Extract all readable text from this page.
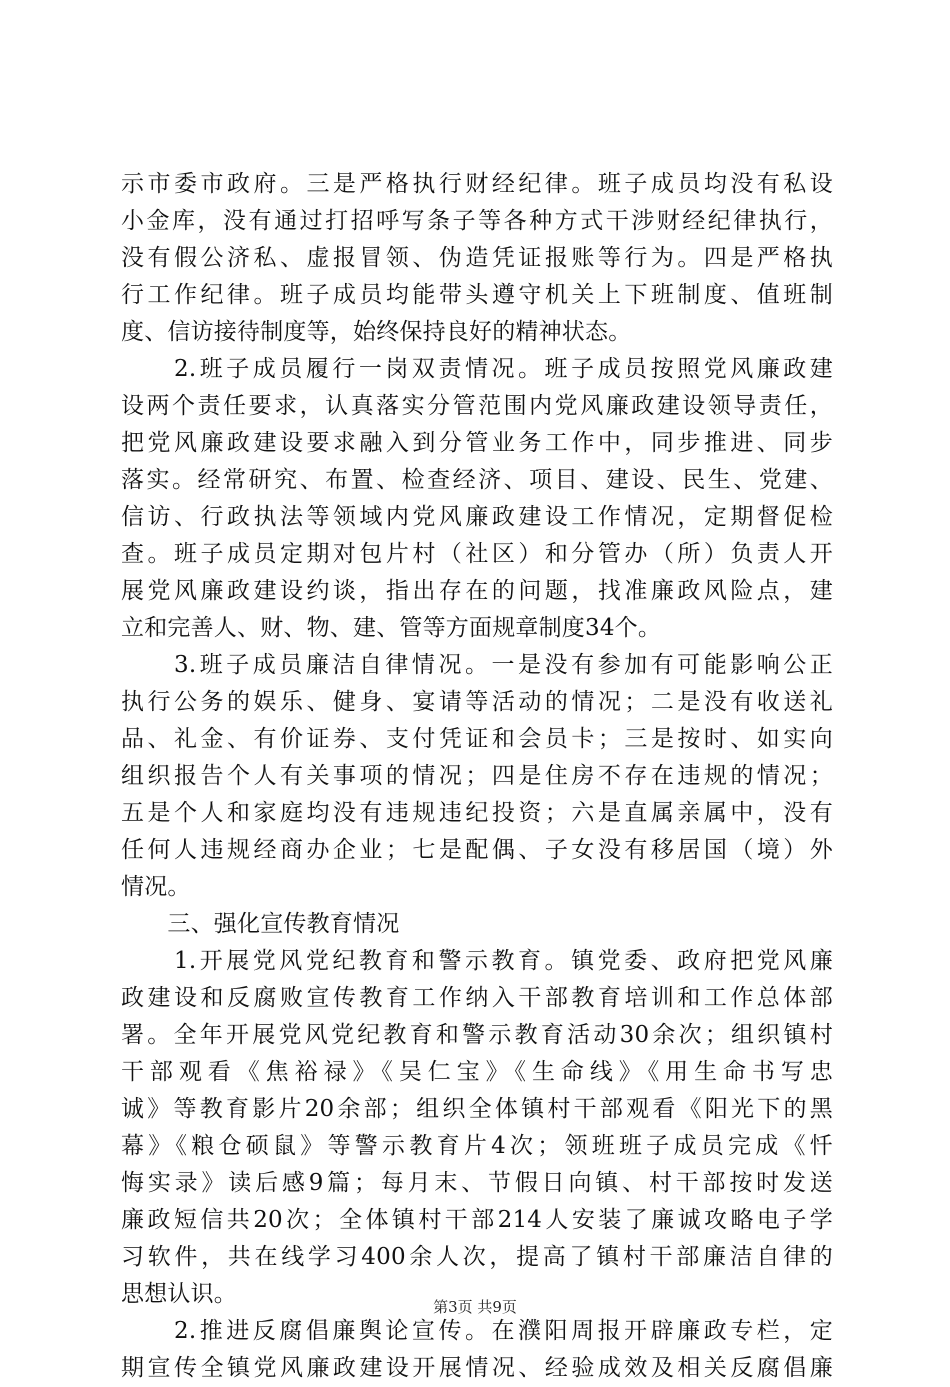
示市委市政府。三是严格执行财经纪律。班子成员均没有私设
小金库，没有通过打招呼写条子等各种方式干涉财经纪律执行，
没有假公济私、虚报冒领、伪造凭证报账等行为。四是严格执
行工作纪律。班子成员均能带头遵守机关上下班制度、值班制
度、信访接待制度等，始终保持良好的精神状态。
　　2.班子成员履行一岗双责情况。班子成员按照党风廉政建
设两个责任要求，认真落实分管范围内党风廉政建设领导责任，
把党风廉政建设要求融入到分管业务工作中，同步推进、同步
落实。经常研究、布置、检查经济、项目、建设、民生、党建、
信访、行政执法等领域内党风廉政建设工作情况，定期督促检
查。班子成员定期对包片村（社区）和分管办（所）负责人开
展党风廉政建设约谈，指出存在的问题，找准廉政风险点，建
立和完善人、财、物、建、管等方面规章制度34个。
　　3.班子成员廉洁自律情况。一是没有参加有可能影响公正
执行公务的娱乐、健身、宴请等活动的情况；二是没有收送礼
品、礼金、有价证券、支付凭证和会员卡；三是按时、如实向
组织报告个人有关事项的情况；四是住房不存在违规的情况；
五是个人和家庭均没有违规违纪投资；六是直属亲属中，没有
任何人违规经商办企业；七是配偶、子女没有移居国（境）外
情况。
　　三、强化宣传教育情况
　　1.开展党风党纪教育和警示教育。镇党委、政府把党风廉
政建设和反腐败宣传教育工作纳入干部教育培训和工作总体部
署。全年开展党风党纪教育和警示教育活动30余次；组织镇村
干部观看《焦裕禄》《吴仁宝》《生命线》《用生命书写忠
诚》等教育影片20余部；组织全体镇村干部观看《阳光下的黑
幕》《粮仓硕鼠》等警示教育片4次；领班班子成员完成《忏
悔实录》读后感9篇；每月末、节假日向镇、村干部按时发送
廉政短信共20次；全体镇村干部214人安装了廉诚攻略电子学
习软件，共在线学习400余人次，提高了镇村干部廉洁自律的
思想认识。
　　2.推进反腐倡廉舆论宣传。在濮阳周报开辟廉政专栏，定
期宣传全镇党风廉政建设开展情况、经验成效及相关反腐倡廉
第3页 共9页
